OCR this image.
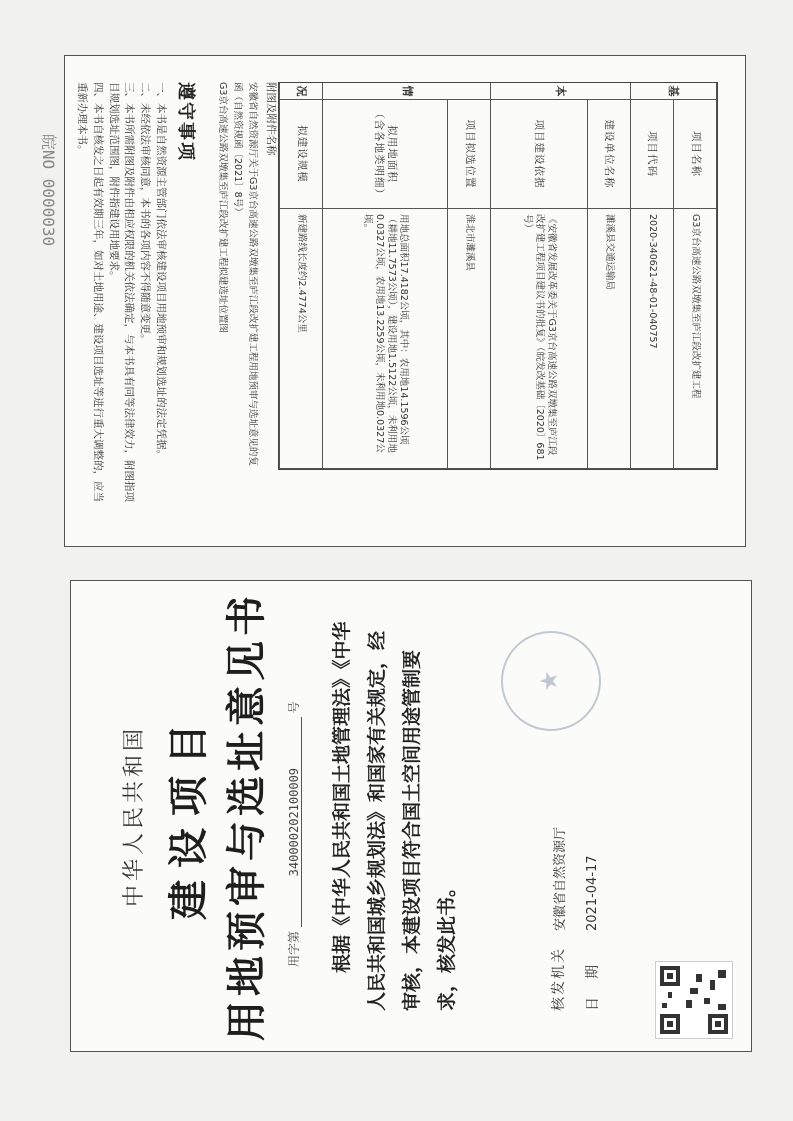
皖NO 0000030
基	项目名称	G3京台高速公路双墩集至庐江段改扩建工程
	项目代码	2020-340621-48-01-040757
本	建设单位名称	濉溪县交通运输局
	项目建设依据	《安徽省发展改革委关于G3京台高速公路双墩集至庐江段改扩建工程项目建议书的批复》（皖发改基础〔2020〕681号）
情	项目拟选位置	淮北市濉溪县
	拟用地面积
（含各地类明细）	用地总面积17.4182公顷，其中：农用地14.1596公顷（耕地11.7573公顷），建设用地1.5122公顷，未利用地0.0327公顷，农用地13.2259公顷，未利用地0.0327公顷。
况	拟建设规模	新建路线长度约2.4774公里
附图及附件名称
安徽省自然资源厅关于G3京台高速公路双墩集至庐江段改扩建工程用地预审与选址意见的复函（自然资规函〔2021〕8号）
G3京台高速公路双墩集至庐江段改扩建工程拟建选址位置图
遵守事项
一、本书是自然资源主管部门依法审核建设项目用地预审和规划选址的法定凭据。
二、未经依法审核同意，本书的各项内容不得随意变更。
三、本书所需附图及附件由相应权限的机关依法确定，与本书具有同等法律效力，附图指项目规划选址范围图，附件指建设用地要求。
四、本书自核发之日起有效期三年，如对土地用途、建设项目选址等进行重大调整的，应当重新办理本书。
中华人民共和国 建设项目 用地预审与选址意见书 用字第 340000202100009 号	根据《中华人民共和国土地管理法》《中华人民共和国城乡规划法》和国家有关规定，经审核，本建设项目符合国土空间用途管制要求，核发此书。	核发机关
安徽省自然资源厅
日　期
2021-04-17
★
